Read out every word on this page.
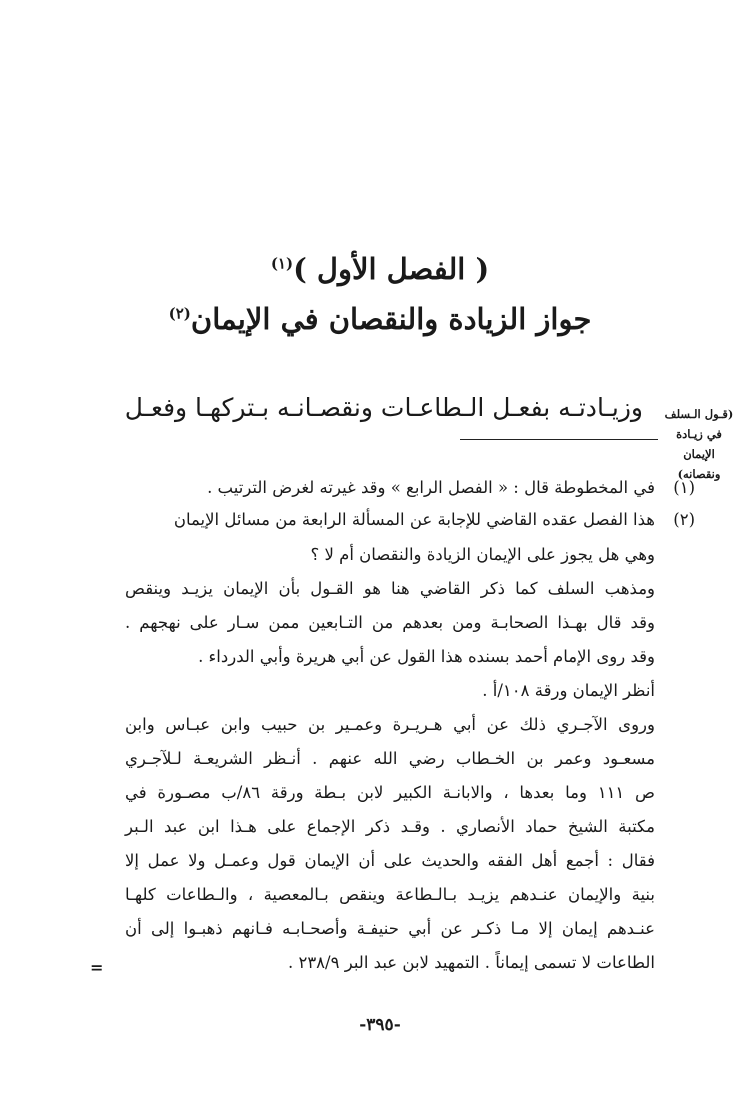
( الفصل الأول )$^{(١)}$
جواز الزيادة والنقصان في الإيمان$^{(٢)}$
وزيـادتـه بفعـل الـطاعـات ونقصـانـه بـتركهـا وفعـل	(قـول الـسلف
في زيـادة
الإيمان
ونقصانه)
(١)
في المخطوطة قال : « الفصل الرابع » وقد غيرته لغرض الترتيب .
(٢)
هذا الفصل عقده القاضي للإجابة عن المسألة الرابعة من مسائل الإيمان
وهي هل يجوز على الإيمان الزيادة والنقصان أم لا ؟
ومذهب السلف كما ذكر القاضي هنا هو القـول بأن الإيمان يزيـد وينقص
وقد قال بهـذا الصحابـة ومن بعدهم من التـابعين ممن سـار على نهجهم .
وقد روى الإمام أحمد بسنده هذا القول عن أبي هريرة وأبي الدرداء .
أنظر الإيمان ورقة ١٠٨/أ .
وروى الآجـري ذلك عن أبي هـريـرة وعمـير بن حبيب وابن عبـاس وابن
مسعـود وعمر بن الخـطاب رضي الله عنهم . أنـظر الشريعـة لـلآجـري
ص ١١١ وما بعدها ، والابانـة الكبير لابن بـطة ورقة ٨٦/ب مصـورة في
مكتبة الشيخ حماد الأنصاري . وقـد ذكر الإجماع على هـذا ابن عبد الـبر
فقال : أجمع أهل الفقه والحديث على أن الإيمان قول وعمـل ولا عمل إلا
بنية والإيمان عنـدهم يزيـد بـالـطاعة وينقص بـالمعصية ، والـطاعات كلهـا
عنـدهم إيمان إلا مـا ذكـر عن أبي حنيفـة وأصحـابـه فـانهم ذهبـوا إلى أن
الطاعات لا تسمى إيماناً . التمهيد لابن عبد البر ٢٣٨/٩ .
=
-٣٩٥-
